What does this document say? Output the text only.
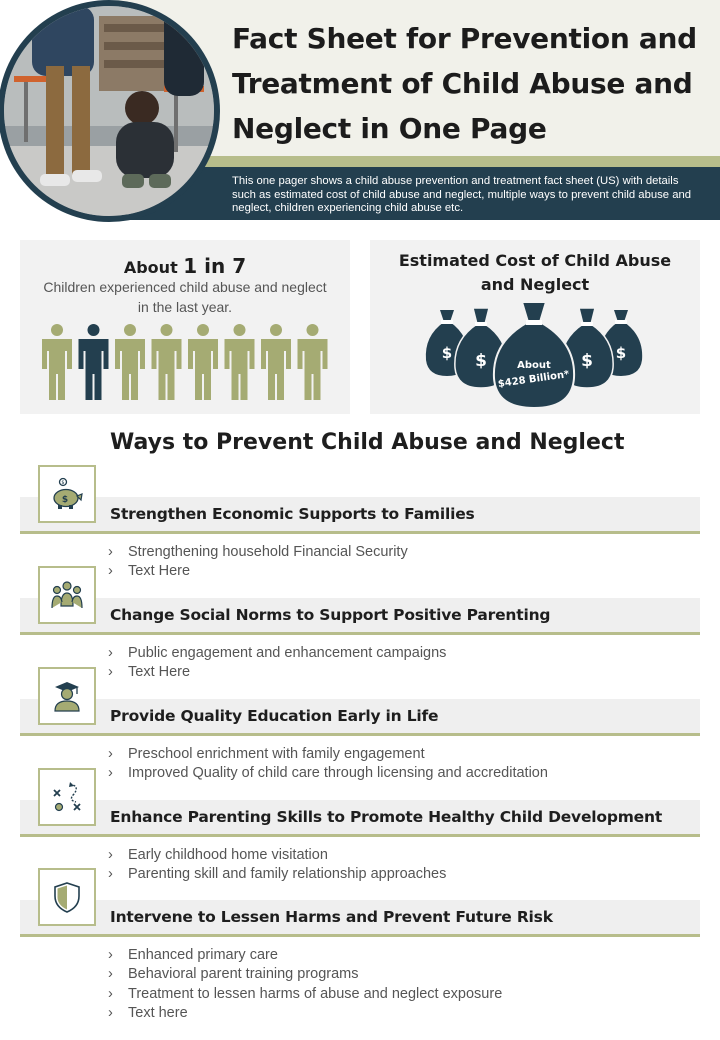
Fact Sheet for Prevention and Treatment of Child Abuse and Neglect in One Page

This one pager shows a child abuse prevention and treatment fact sheet (US) with details such as estimated cost of child abuse and neglect, multiple ways to prevent child abuse and neglect, children experiencing child abuse etc.

About 1 in 7
Children experienced child abuse and neglect in the last year.
Estimated Cost of Child Abuse and Neglect
$	$
$	$
About
$428 Billion*
Ways to Prevent Child Abuse and Neglect
Strengthen Economic Supports to Families
$
$
› Strengthening household Financial Security
› Text Here
Change Social Norms to Support Positive Parenting
› Public engagement and enhancement campaigns
› Text Here
Provide Quality Education Early in Life
› Preschool enrichment with family engagement
› Improved Quality of child care through licensing and accreditation
Enhance Parenting Skills to Promote Healthy Child Development
› Early childhood home visitation
› Parenting skill and family relationship approaches
Intervene to Lessen Harms and Prevent Future Risk
› Enhanced primary care
› Behavioral parent training programs
› Treatment to lessen harms of abuse and neglect exposure
› Text here
